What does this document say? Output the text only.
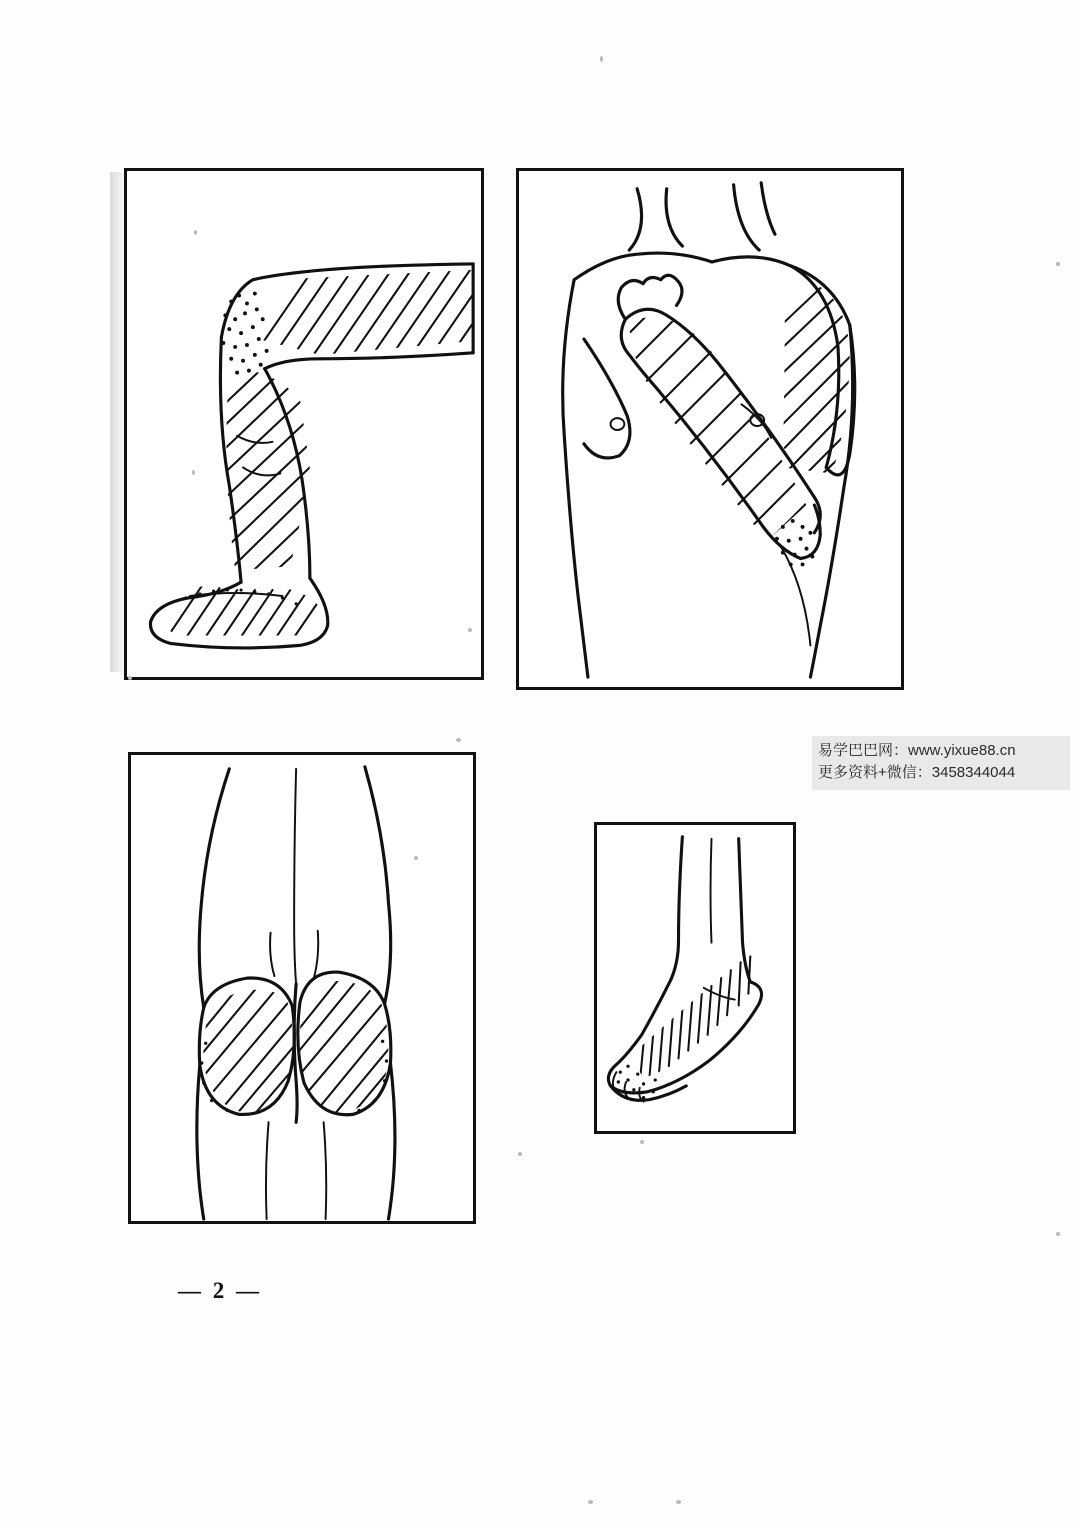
易学巴巴网：www.yixue88.cn
更多资料+微信：3458344044
— 2 —
